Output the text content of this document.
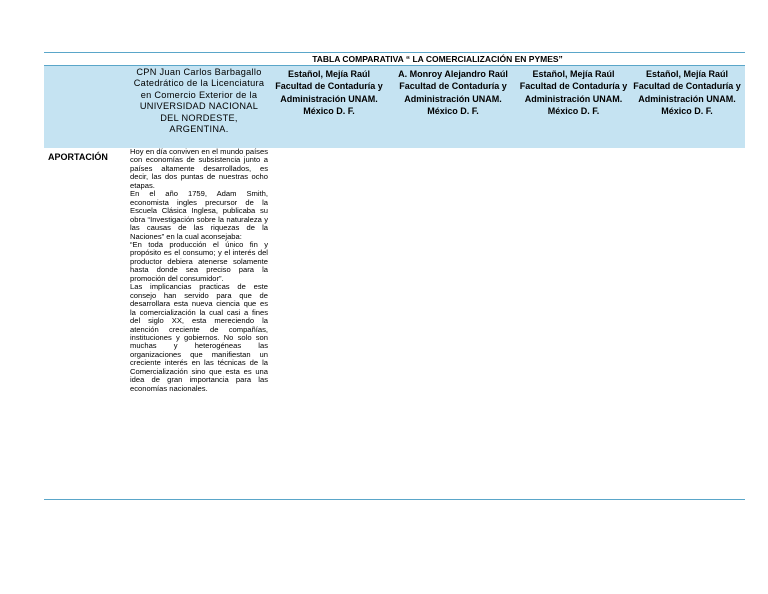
TABLA COMPARATIVA “ LA COMERCIALIZACIÓN EN PYMES”
CPN Juan Carlos Barbagallo Catedrático de la Licenciatura en Comercio Exterior de la UNIVERSIDAD NACIONAL DEL NORDESTE, ARGENTINA.
Estañol, Mejía Raúl Facultad de Contaduría y Administración UNAM. México D. F.
A. Monroy Alejandro Raúl Facultad de Contaduría y Administración UNAM. México D. F.
Estañol, Mejía Raúl Facultad de Contaduría y Administración UNAM. México D. F.
Estañol, Mejía Raúl Facultad de Contaduría y Administración UNAM. México D. F.
APORTACIÓN

Hoy en día conviven en el mundo países con economías de subsistencia junto a países altamente desarrollados, es decir, las dos puntas de nuestras ocho etapas.

En el año 1759, Adam Smith, economista ingles precursor de la Escuela Clásica Inglesa, publicaba su obra “Investigación sobre la naturaleza y las causas de las riquezas de la Naciones” en la cual aconsejaba:

“En toda producción el único fin y propósito es el consumo; y el interés del productor debiera atenerse solamente hasta donde sea preciso para la promoción del consumidor”.

Las implicancias practicas de este consejo han servido para que de desarrollara esta nueva ciencia que es la comercialización la cual casi a fines del siglo XX, esta mereciendo la atención creciente de compañías, instituciones y gobiernos. No solo son muchas y heterogéneas las organizaciones que manifiestan un creciente interés en las técnicas de la Comercialización sino que esta es una idea de gran importancia para las economías nacionales.
